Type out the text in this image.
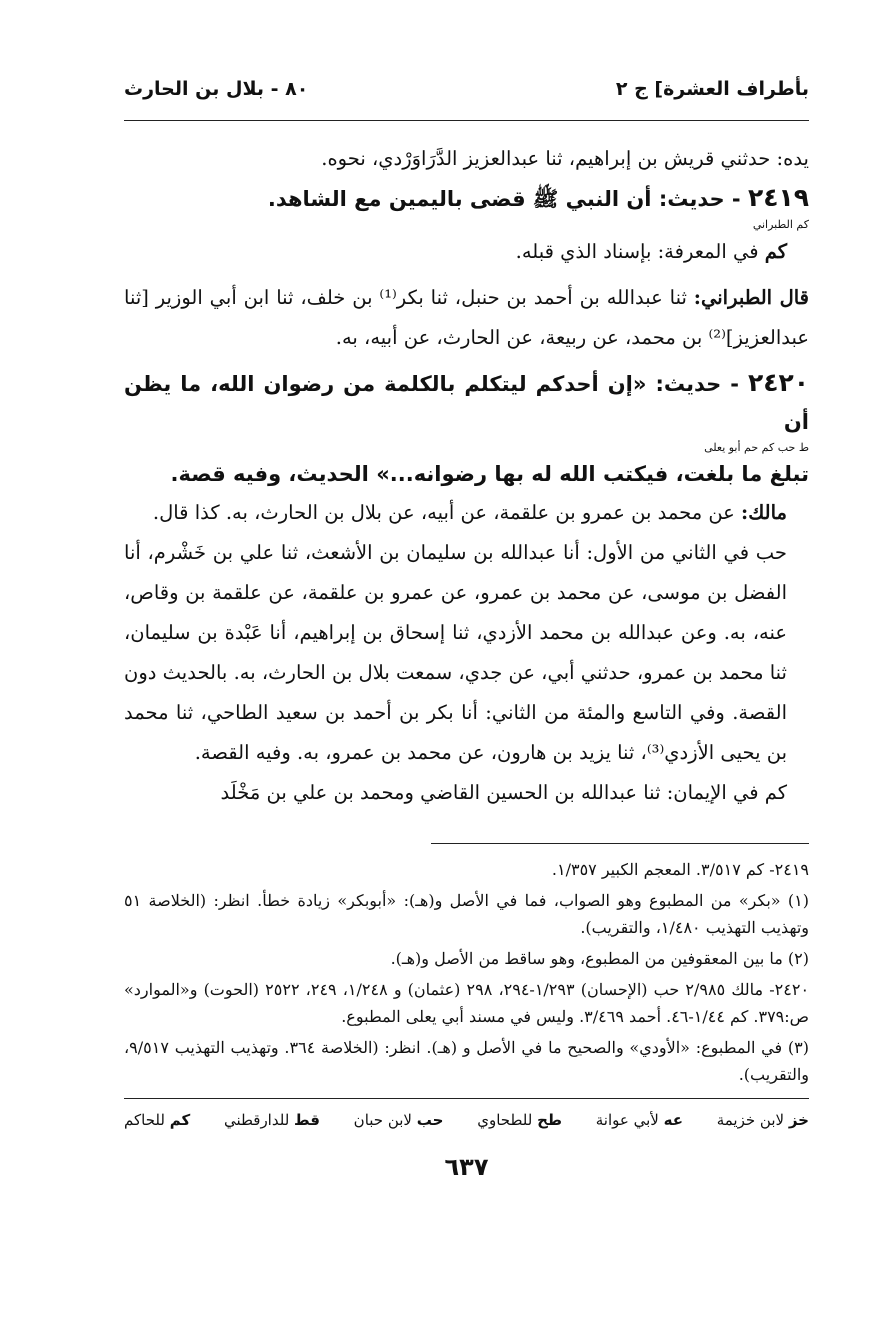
بأطراف العشرة] ج ٢
٨٠ - بلال بن الحارث

يده: حدثني قريش بن إبراهيم، ثنا عبدالعزيز الدَّرَاوَرْدي، نحوه.

٢٤١٩ - حديث: أن النبي ﷺ قضى باليمين مع الشاهد.

كم الطبراني

كم في المعرفة: بإسناد الذي قبله.

قال الطبراني: ثنا عبدالله بن أحمد بن حنبل، ثنا بكر⁽¹⁾ بن خلف، ثنا ابن أبي الوزير [ثنا عبدالعزيز]⁽²⁾ بن محمد، عن ربيعة، عن الحارث، عن أبيه، به.

٢٤٢٠ - حديث: «إن أحدكم ليتكلم بالكلمة من رضوان الله، ما يظن أن

ط حب كم حم أبو يعلى

تبلغ ما بلغت، فيكتب الله له بها رضوانه...» الحديث، وفيه قصة.

مالك: عن محمد بن عمرو بن علقمة، عن أبيه، عن بلال بن الحارث، به. كذا قال.

حب في الثاني من الأول: أنا عبدالله بن سليمان بن الأشعث، ثنا علي بن خَشْرم، أنا الفضل بن موسى، عن محمد بن عمرو، عن عمرو بن علقمة، عن علقمة بن وقاص، عنه، به. وعن عبدالله بن محمد الأزدي، ثنا إسحاق بن إبراهيم، أنا عَبْدة بن سليمان، ثنا محمد بن عمرو، حدثني أبي، عن جدي، سمعت بلال بن الحارث، به. بالحديث دون القصة. وفي التاسع والمئة من الثاني: أنا بكر بن أحمد بن سعيد الطاحي، ثنا محمد بن يحيى الأزدي⁽³⁾، ثنا يزيد بن هارون، عن محمد بن عمرو، به. وفيه القصة.

كم في الإيمان: ثنا عبدالله بن الحسين القاضي ومحمد بن علي بن مَخْلَد

٢٤١٩- كم ٣/٥١٧. المعجم الكبير ١/٣٥٧.

(١) «بكر» من المطبوع وهو الصواب، فما في الأصل و(هـ): «أبوبكر» زيادة خطأ. انظر: (الخلاصة ٥١ وتهذيب التهذيب ١/٤٨٠، والتقريب).

(٢) ما بين المعقوفين من المطبوع، وهو ساقط من الأصل و(هـ).

٢٤٢٠- مالك ٢/٩٨٥ حب (الإحسان) ١/٢٩٣-٢٩٤، ٢٩٨ (عثمان) و ١/٢٤٨، ٢٤٩، ٢٥٢٢ (الحوت) و«الموارد» ص:٣٧٩. كم ١/٤٤-٤٦. أحمد ٣/٤٦٩. وليس في مسند أبي يعلى المطبوع.

(٣) في المطبوع: «الأودي» والصحيح ما في الأصل و (هـ). انظر: (الخلاصة ٣٦٤. وتهذيب التهذيب ٩/٥١٧، والتقريب).

خز لابن خزيمة
عه لأبي عوانة
طح للطحاوي
حب لابن حبان
قط للدارقطني
كم للحاكم
٦٣٧
